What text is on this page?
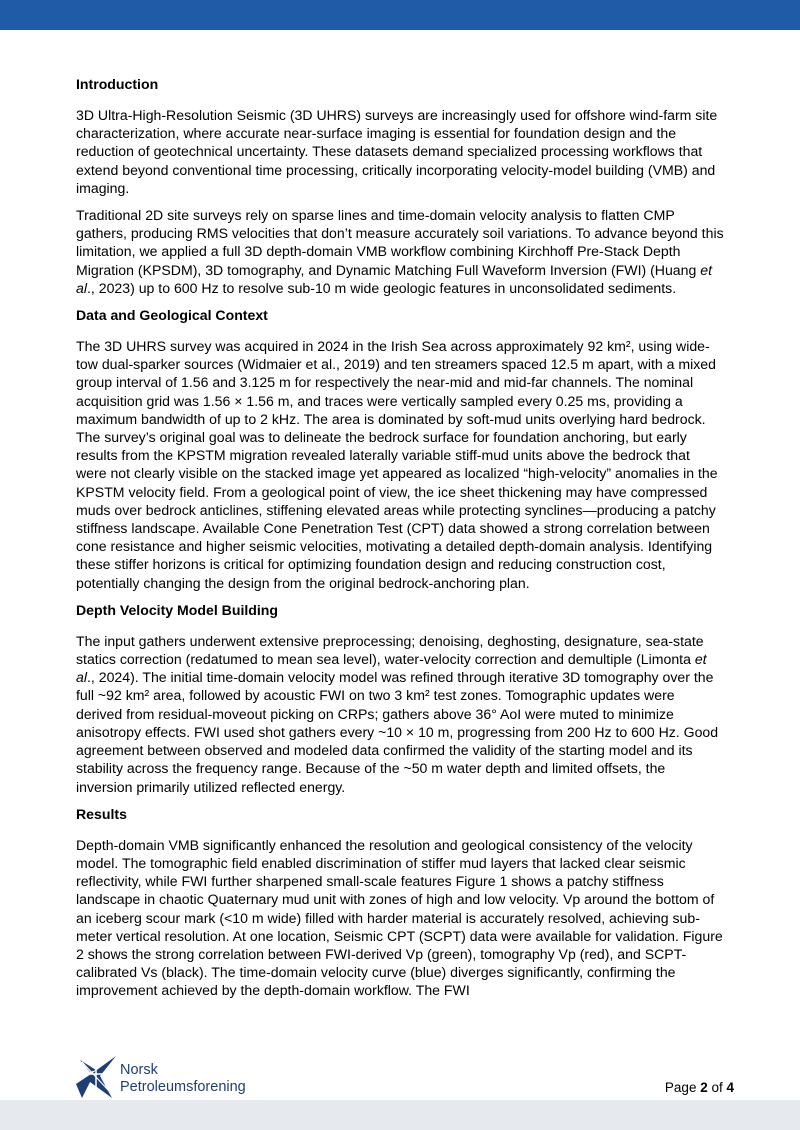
Introduction

3D Ultra-High-Resolution Seismic (3D UHRS) surveys are increasingly used for offshore wind-farm site characterization, where accurate near-surface imaging is essential for foundation design and the reduction of geotechnical uncertainty. These datasets demand specialized processing workflows that extend beyond conventional time processing, critically incorporating velocity-model building (VMB) and imaging.

Traditional 2D site surveys rely on sparse lines and time-domain velocity analysis to flatten CMP gathers, producing RMS velocities that don’t measure accurately soil variations. To advance beyond this limitation, we applied a full 3D depth-domain VMB workflow combining Kirchhoff Pre-Stack Depth Migration (KPSDM), 3D tomography, and Dynamic Matching Full Waveform Inversion (FWI) (Huang et al., 2023) up to 600 Hz to resolve sub-10 m wide geologic features in unconsolidated sediments.

Data and Geological Context

The 3D UHRS survey was acquired in 2024 in the Irish Sea across approximately 92 km², using wide-tow dual-sparker sources (Widmaier et al., 2019) and ten streamers spaced 12.5 m apart, with a mixed group interval of 1.56 and 3.125 m for respectively the near-mid and mid-far channels. The nominal acquisition grid was 1.56 × 1.56 m, and traces were vertically sampled every 0.25 ms, providing a maximum bandwidth of up to 2 kHz. The area is dominated by soft-mud units overlying hard bedrock. The survey’s original goal was to delineate the bedrock surface for foundation anchoring, but early results from the KPSTM migration revealed laterally variable stiff-mud units above the bedrock that were not clearly visible on the stacked image yet appeared as localized “high-velocity” anomalies in the KPSTM velocity field. From a geological point of view, the ice sheet thickening may have compressed muds over bedrock anticlines, stiffening elevated areas while protecting synclines—producing a patchy stiffness landscape. Available Cone Penetration Test (CPT) data showed a strong correlation between cone resistance and higher seismic velocities, motivating a detailed depth-domain analysis. Identifying these stiffer horizons is critical for optimizing foundation design and reducing construction cost, potentially changing the design from the original bedrock-anchoring plan.

Depth Velocity Model Building

The input gathers underwent extensive preprocessing; denoising, deghosting, designature, sea-state statics correction (redatumed to mean sea level), water-velocity correction and demultiple (Limonta et al., 2024). The initial time-domain velocity model was refined through iterative 3D tomography over the full ~92 km² area, followed by acoustic FWI on two 3 km² test zones. Tomographic updates were derived from residual-moveout picking on CRPs; gathers above 36° AoI were muted to minimize anisotropy effects. FWI used shot gathers every ~10 × 10 m, progressing from 200 Hz to 600 Hz. Good agreement between observed and modeled data confirmed the validity of the starting model and its stability across the frequency range. Because of the ~50 m water depth and limited offsets, the inversion primarily utilized reflected energy.

Results

Depth-domain VMB significantly enhanced the resolution and geological consistency of the velocity model. The tomographic field enabled discrimination of stiffer mud layers that lacked clear seismic reflectivity, while FWI further sharpened small-scale features Figure 1 shows a patchy stiffness landscape in chaotic Quaternary mud unit with zones of high and low velocity. Vp around the bottom of an iceberg scour mark (<10 m wide) filled with harder material is accurately resolved, achieving sub-meter vertical resolution. At one location, Seismic CPT (SCPT) data were available for validation. Figure 2 shows the strong correlation between FWI-derived Vp (green), tomography Vp (red), and SCPT-calibrated Vs (black). The time-domain velocity curve (blue) diverges significantly, confirming the improvement achieved by the depth-domain workflow. The FWI

Norsk
Petroleumsforening	Page 2 of 4
